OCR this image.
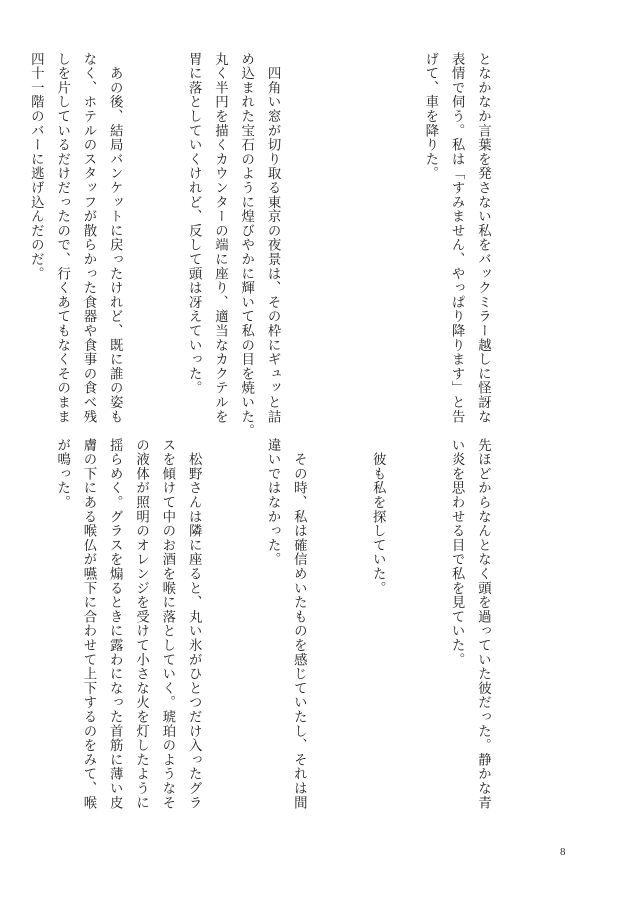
となかなか言葉を発さない私をバックミラー越しに怪訝な
表情で伺う。私は「すみません、やっぱり降ります」と告
げて、車を降りた。

　四角い窓が切り取る東京の夜景は、その枠にギュッと詰
め込まれた宝石のように煌びやかに輝いて私の目を焼いた。
丸く半円を描くカウンターの端に座り、適当なカクテルを
胃に落としていくけれど、反して頭は冴えていった。

　あの後、結局バンケットに戻ったけれど、既に誰の姿も
なく、ホテルのスタッフが散らかった食器や食事の食べ残
しを片しているだけだったので、行くあてもなくそのまま
四十一階のバーに逃げ込んだのだ。

先ほどからなんとなく頭を過っていた彼だった。静かな青
い炎を思わせる目で私を見ていた。

　彼も私を探していた。

　その時、私は確信めいたものを感じていたし、それは間
違いではなかった。

　松野さんは隣に座ると、丸い氷がひとつだけ入ったグラ
スを傾けて中のお酒を喉に落としていく。琥珀のようなそ
の液体が照明のオレンジを受けて小さな火を灯したように
揺らめく。グラスを煽るときに露わになった首筋に薄い皮
膚の下にある喉仏が嚥下に合わせて上下するのをみて、喉
が鳴った。

8
